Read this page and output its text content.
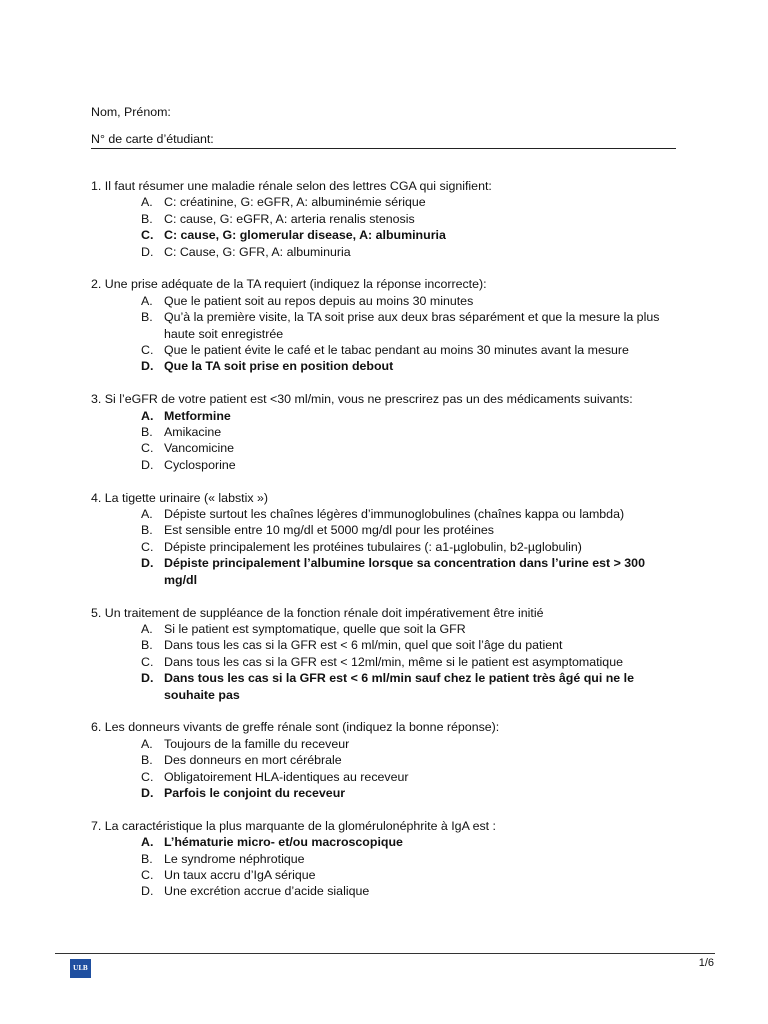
Nom, Prénom:
N° de carte d’étudiant:
1. Il faut résumer une maladie rénale selon des lettres CGA qui signifient:
A. C: créatinine, G: eGFR, A: albuminémie sérique
B. C: cause, G: eGFR, A: arteria renalis stenosis
C. C: cause, G: glomerular disease, A: albuminuria
D. C: Cause, G: GFR, A: albuminuria
2. Une prise adéquate de la TA requiert (indiquez la réponse incorrecte):
A. Que le patient soit au repos depuis au moins 30 minutes
B. Qu’à la première visite, la TA soit prise aux deux bras séparément et que la mesure la plus haute soit enregistrée
C. Que le patient évite le café et le tabac pendant au moins 30 minutes avant la mesure
D. Que la TA soit prise en position debout
3. Si l’eGFR de votre patient est <30 ml/min, vous ne prescrirez pas un des médicaments suivants:
A. Metformine
B. Amikacine
C. Vancomicine
D. Cyclosporine
4. La tigette urinaire (« labstix »)
A. Dépiste surtout les chaînes légères d’immunoglobulines (chaînes kappa ou lambda)
B. Est sensible entre 10 mg/dl et 5000 mg/dl pour les protéines
C. Dépiste principalement les protéines tubulaires (: a1-µglobulin, b2-µglobulin)
D. Dépiste principalement l’albumine lorsque sa concentration dans l’urine est > 300 mg/dl
5. Un traitement de suppléance de la fonction rénale doit impérativement être initié
A. Si le patient est symptomatique, quelle que soit la GFR
B. Dans tous les cas si la GFR est < 6 ml/min, quel que soit l’âge du patient
C. Dans tous les cas si la GFR est < 12ml/min, même si le patient est asymptomatique
D. Dans tous les cas si la GFR est < 6 ml/min sauf chez le patient très âgé qui ne le souhaite pas
6. Les donneurs vivants de greffe rénale sont (indiquez la bonne réponse):
A. Toujours de la famille du receveur
B. Des donneurs en mort cérébrale
C. Obligatoirement HLA-identiques au receveur
D. Parfois le conjoint du receveur
7. La caractéristique la plus marquante de la glomérulonéphrite à IgA est :
A. L’hématurie micro- et/ou macroscopique
B. Le syndrome néphrotique
C. Un taux accru d’IgA sérique
D. Une excrétion accrue d’acide sialique
ULB	1/6
